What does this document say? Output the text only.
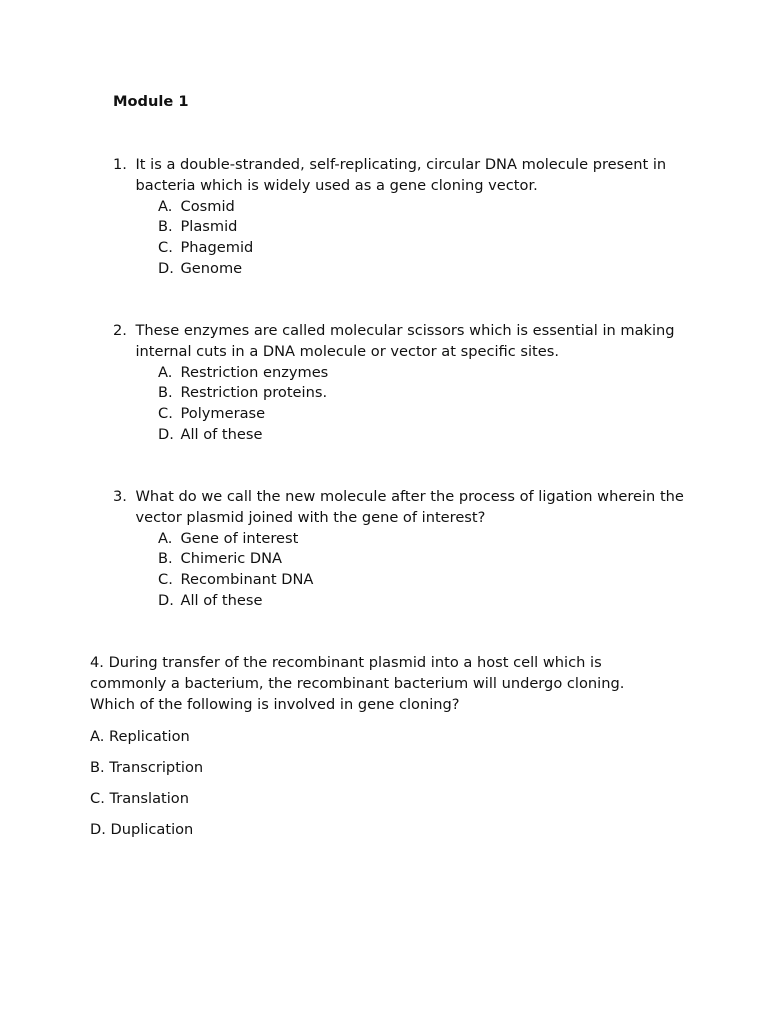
Module 1
1. It is a double-stranded, self-replicating, circular DNA molecule present in bacteria which is widely used as a gene cloning vector.
A. Cosmid
B. Plasmid
C. Phagemid
D. Genome
2. These enzymes are called molecular scissors which is essential in making internal cuts in a DNA molecule or vector at specific sites.
A. Restriction enzymes
B. Restriction proteins.
C. Polymerase
D. All of these
3. What do we call the new molecule after the process of ligation wherein the vector plasmid joined with the gene of interest?
A. Gene of interest
B. Chimeric DNA
C. Recombinant DNA
D. All of these

4. During transfer of the recombinant plasmid into a host cell which is commonly a bacterium, the recombinant bacterium will undergo cloning. Which of the following is involved in gene cloning?

A. Replication
B. Transcription
C. Translation
D. Duplication
